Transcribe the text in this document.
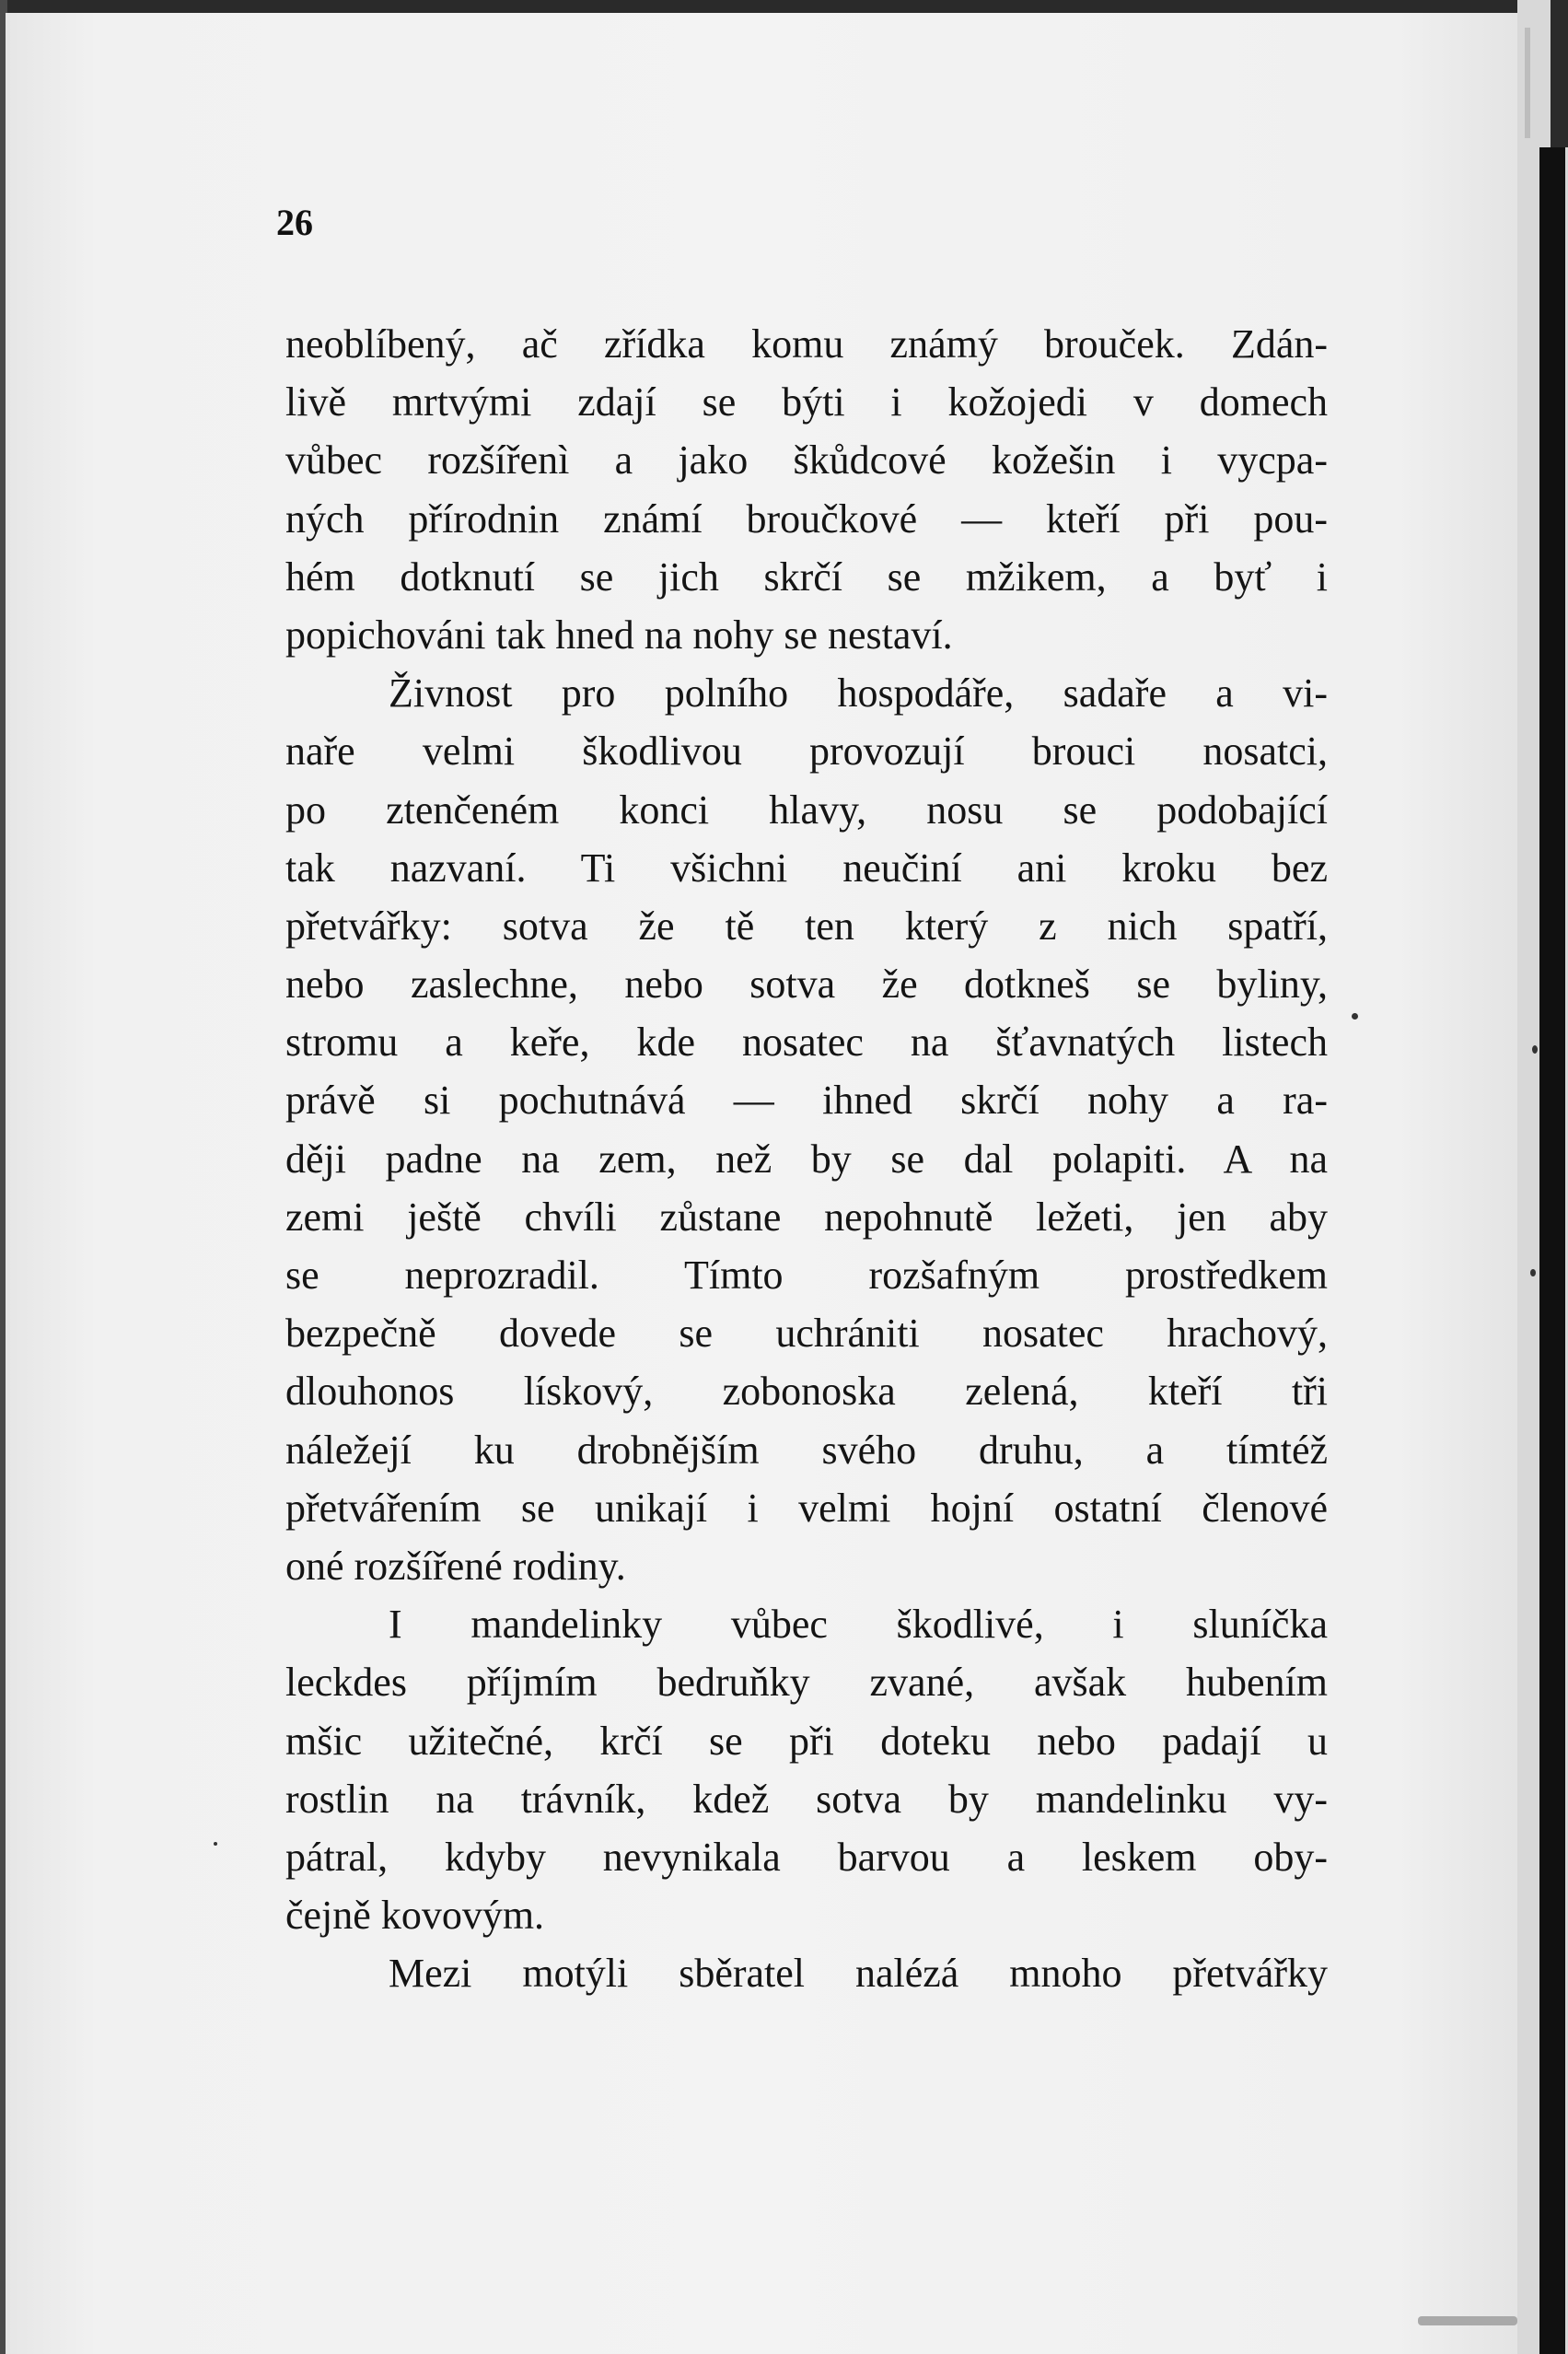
26
neoblíbený, ač zřídka komu známý brouček. Zdán-
livě mrtvými zdají se býti i kožojedi v domech
vůbec rozšířenì a jako škůdcové kožešin i vycpa-
ných přírodnin známí broučkové — kteří při pou-
hém dotknutí se jich skrčí se mžikem, a byť i
popichováni tak hned na nohy se nestaví.
Živnost pro polního hospodáře, sadaře a vi-
naře velmi škodlivou provozují brouci nosatci,
po ztenčeném konci hlavy, nosu se podobající
tak nazvaní. Ti všichni neučiní ani kroku bez
přetvářky: sotva že tě ten který z nich spatří,
nebo zaslechne, nebo sotva že dotkneš se byliny,
stromu a keře, kde nosatec na šťavnatých listech
právě si pochutnává — ihned skrčí nohy a ra-
ději padne na zem, než by se dal polapiti. A na
zemi ještě chvíli zůstane nepohnutě ležeti, jen aby
se neprozradil. Tímto rozšafným prostředkem
bezpečně dovede se uchrániti nosatec hrachový,
dlouhonos lískový, zobonoska zelená, kteří tři
náležejí ku drobnějším svého druhu, a tímtéž
přetvářením se unikají i velmi hojní ostatní členové
oné rozšířené rodiny.
I mandelinky vůbec škodlivé, i sluníčka
leckdes příjmím bedruňky zvané, avšak hubením
mšic užitečné, krčí se při doteku nebo padají u
rostlin na trávník, kdež sotva by mandelinku vy-
pátral, kdyby nevynikala barvou a leskem oby-
čejně kovovým.
Mezi motýli sběratel nalézá mnoho přetvářky
